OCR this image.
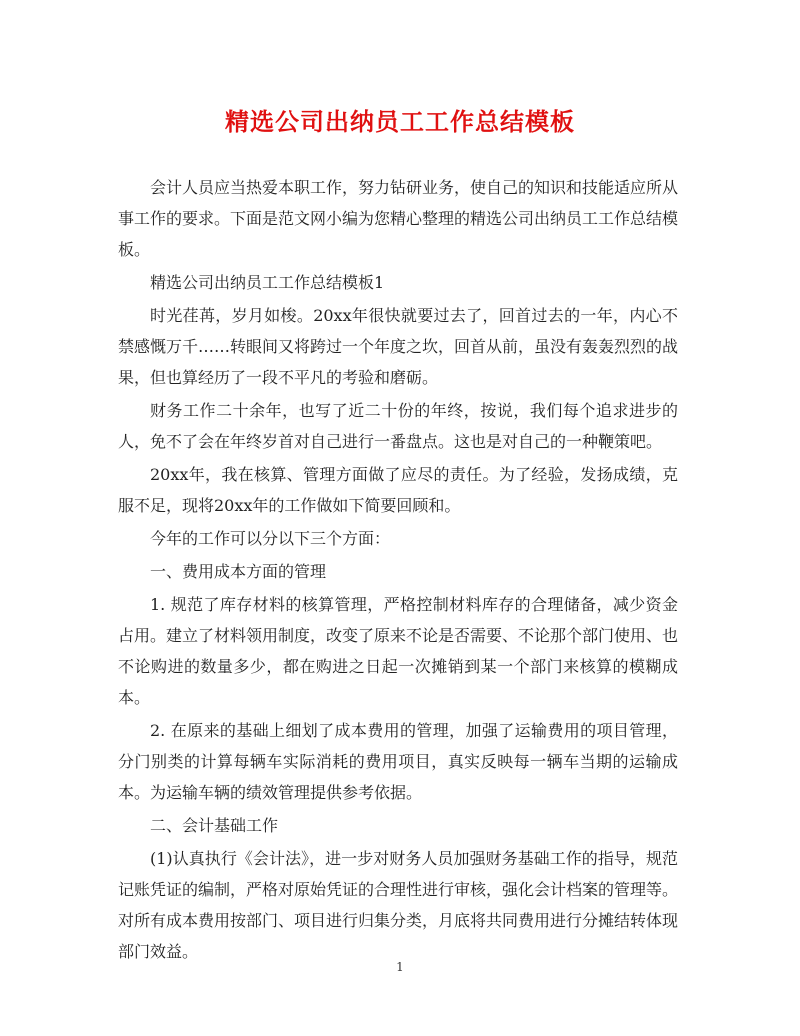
精选公司出纳员工工作总结模板

会计人员应当热爱本职工作，努力钻研业务，使自己的知识和技能适应所从事工作的要求。下面是范文网小编为您精心整理的精选公司出纳员工工作总结模板。

精选公司出纳员工工作总结模板1

时光荏苒，岁月如梭。20xx年很快就要过去了，回首过去的一年，内心不禁感慨万千……转眼间又将跨过一个年度之坎，回首从前，虽没有轰轰烈烈的战果，但也算经历了一段不平凡的考验和磨砺。

财务工作二十余年，也写了近二十份的年终，按说，我们每个追求进步的人，免不了会在年终岁首对自己进行一番盘点。这也是对自己的一种鞭策吧。

20xx年，我在核算、管理方面做了应尽的责任。为了经验，发扬成绩，克服不足，现将20xx年的工作做如下简要回顾和。

今年的工作可以分以下三个方面：

一、费用成本方面的管理

1. 规范了库存材料的核算管理，严格控制材料库存的合理储备，减少资金占用。建立了材料领用制度，改变了原来不论是否需要、不论那个部门使用、也不论购进的数量多少，都在购进之日起一次摊销到某一个部门来核算的模糊成本。

2. 在原来的基础上细划了成本费用的管理，加强了运输费用的项目管理，分门别类的计算每辆车实际消耗的费用项目，真实反映每一辆车当期的运输成本。为运输车辆的绩效管理提供参考依据。

二、会计基础工作

(1)认真执行《会计法》，进一步对财务人员加强财务基础工作的指导，规范记账凭证的编制，严格对原始凭证的合理性进行审核，强化会计档案的管理等。对所有成本费用按部门、项目进行归集分类，月底将共同费用进行分摊结转体现部门效益。

1
